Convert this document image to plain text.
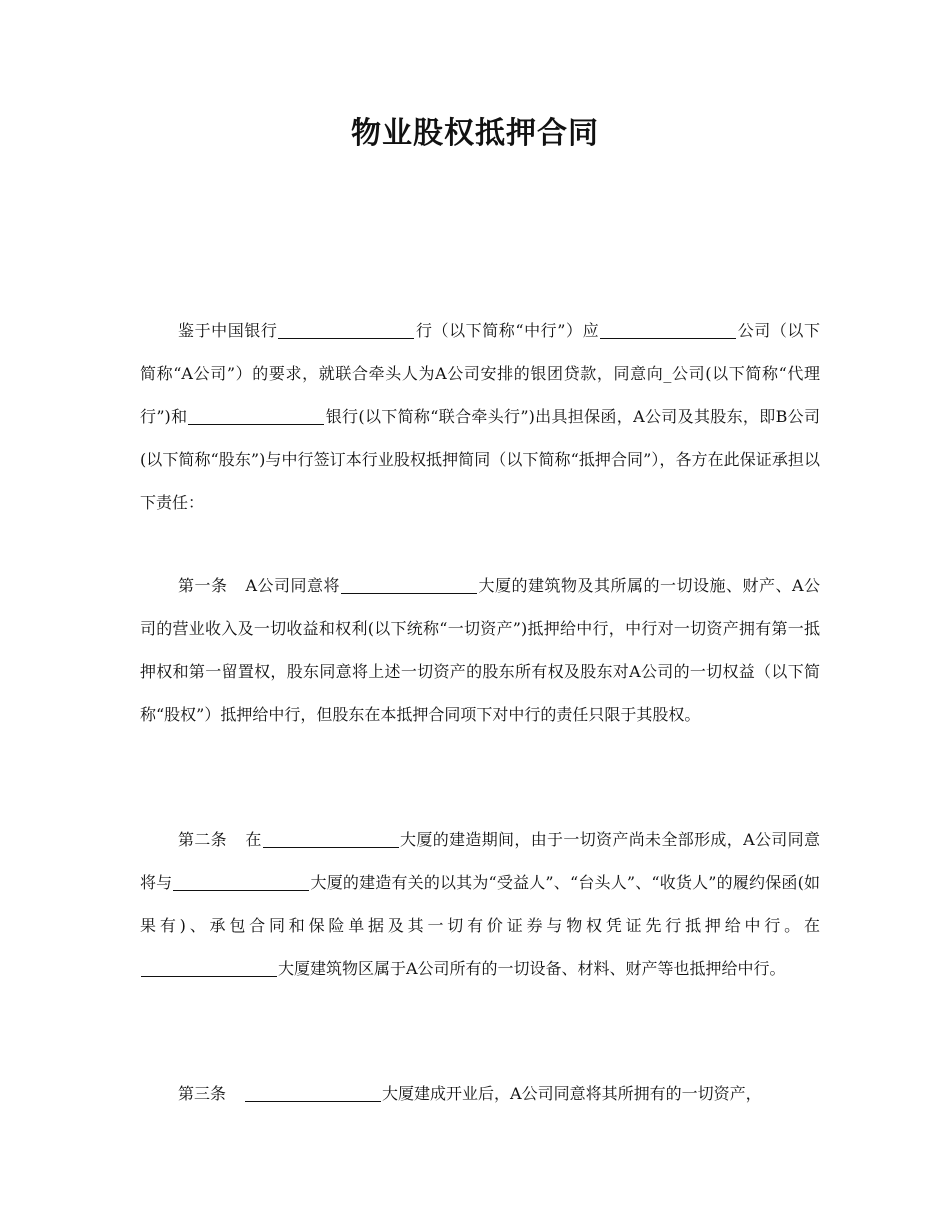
物业股权抵押合同
鉴于中国银行	行（以下简称“中行”）应	公司（以下简称“A公司”）的要求，就联合牵头人为A公司安排的银团贷款，同意向_公司(以下简称“代理行”)和	银行(以下简称“联合牵头行”)出具担保函，A公司及其股东，即B公司(以下简称“股东”)与中行签订本行业股权抵押简同（以下简称“抵押合同”），各方在此保证承担以下责任：
第一条 A公司同意将	大厦的建筑物及其所属的一切设施、财产、A公司的营业收入及一切收益和权利(以下统称“一切资产”)抵押给中行，中行对一切资产拥有第一抵押权和第一留置权，股东同意将上述一切资产的股东所有权及股东对A公司的一切权益（以下简称“股权”）抵押给中行，但股东在本抵押合同项下对中行的责任只限于其股权。
第二条 在	大厦的建造期间，由于一切资产尚未全部形成，A公司同意将与	大厦的建造有关的以其为“受益人”、“台头人”、“收货人”的履约保函(如果有)、承包合同和保险单据及其一切有价证券与物权凭证先行抵押给中行。在大厦建筑物区属于A公司所有的一切设备、材料、财产等也抵押给中行。
第三条	大厦建成开业后，A公司同意将其所拥有的一切资产，
